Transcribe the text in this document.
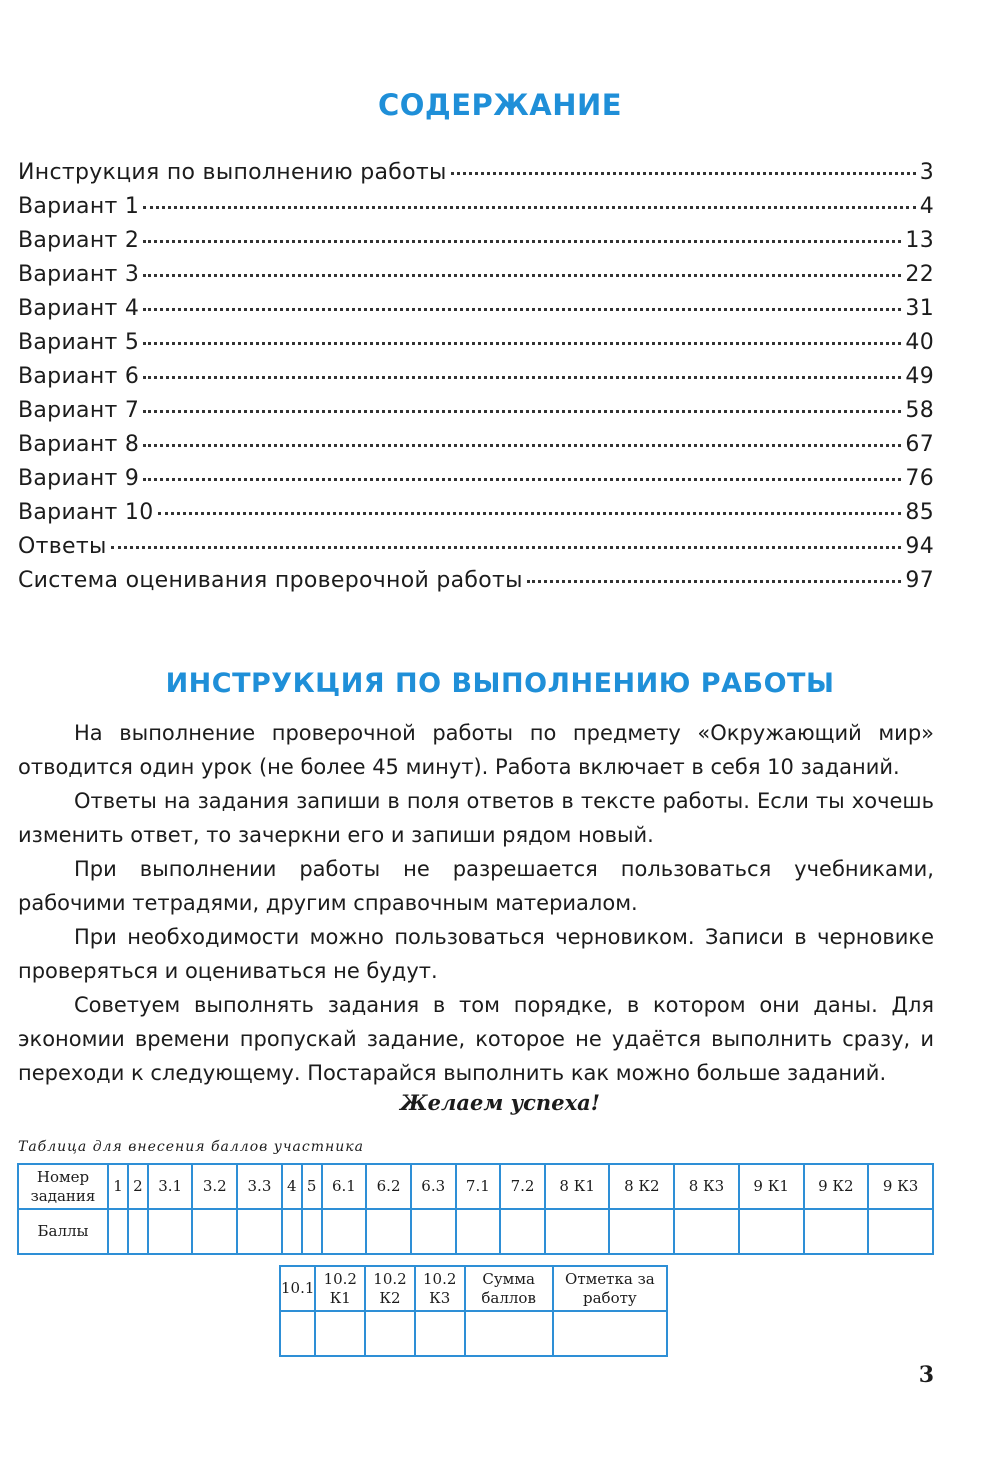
СОДЕРЖАНИЕ
Инструкция по выполнению работы	3
Вариант 1	4
Вариант 2	13
Вариант 3	22
Вариант 4	31
Вариант 5	40
Вариант 6	49
Вариант 7	58
Вариант 8	67
Вариант 9	76
Вариант 10	85
Ответы	94
Система оценивания проверочной работы	97
ИНСТРУКЦИЯ ПО ВЫПОЛНЕНИЮ РАБОТЫ

На выполнение проверочной работы по предмету «Окружающий мир» отводится один урок (не более 45 минут). Работа включает в себя 10 заданий.

Ответы на задания запиши в поля ответов в тексте работы. Если ты хочешь изменить ответ, то зачеркни его и запиши рядом новый.

При выполнении работы не разрешается пользоваться учебниками, рабочими тетрадями, другим справочным материалом.

При необходимости можно пользоваться черновиком. Записи в черновике проверяться и оцениваться не будут.

Советуем выполнять задания в том порядке, в котором они даны. Для экономии времени пропускай задание, которое не удаётся выполнить сразу, и переходи к следующему. Постарайся выполнить как можно больше заданий.

Желаем успеха!
Таблица для внесения баллов участника
Номер задания	1	2	3.1	3.2	3.3	4	5	6.1	6.2	6.3	7.1	7.2	8 К1	8 К2	8 К3	9 К1	9 К2	9 К3
Баллы																		
10.1	10.2 К1	10.2 К2	10.2 К3	Сумма баллов	Отметка за работу

3
